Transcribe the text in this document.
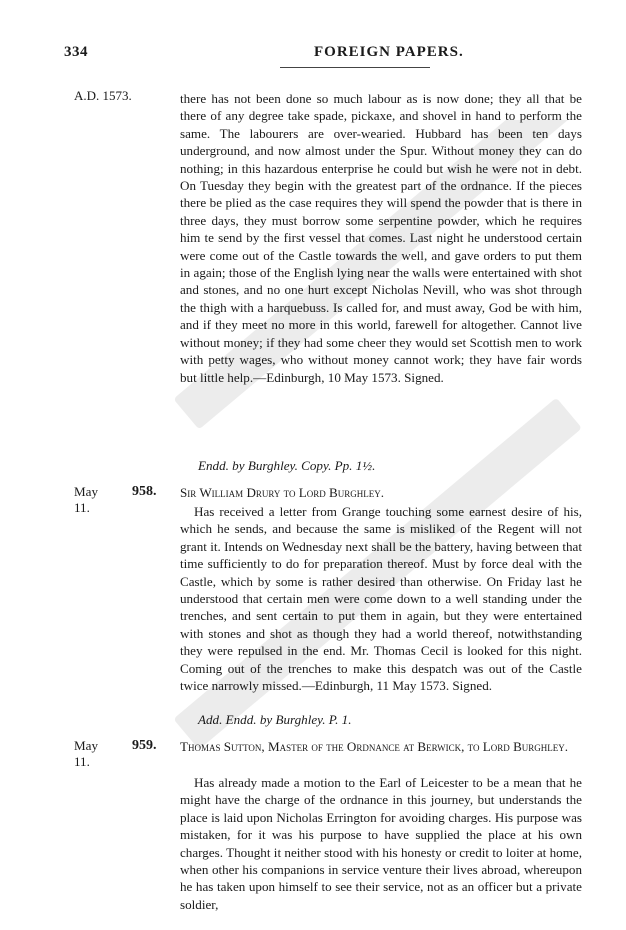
334	FOREIGN PAPERS.
A.D. 1573.	there has not been done so much labour as is now done; they all that be there of any degree take spade, pickaxe, and shovel in hand to perform the same. The labourers are over-wearied. Hubbard has been ten days underground, and now almost under the Spur. Without money they can do nothing; in this hazardous enterprise he could but wish he were not in debt. On Tuesday they begin with the greatest part of the ordnance. If the pieces there be plied as the case requires they will spend the powder that is there in three days, they must borrow some serpentine powder, which he requires him te send by the first vessel that comes. Last night he understood certain were come out of the Castle towards the well, and gave orders to put them in again; those of the English lying near the walls were entertained with shot and stones, and no one hurt except Nicholas Nevill, who was shot through the thigh with a harquebuss. Is called for, and must away, God be with him, and if they meet no more in this world, farewell for altogether. Cannot live without money; if they had some cheer they would set Scottish men to work with petty wages, who without money cannot work; they have fair words but little help.—Edinburgh, 10 May 1573. Signed.
Endd. by Burghley. Copy. Pp. 1½.
May 11.
958. Sir William Drury to Lord Burghley.
Has received a letter from Grange touching some earnest desire of his, which he sends, and because the same is misliked of the Regent will not grant it. Intends on Wednesday next shall be the battery, having between that time sufficiently to do for preparation thereof. Must by force deal with the Castle, which by some is rather desired than otherwise. On Friday last he understood that certain men were come down to a well standing under the trenches, and sent certain to put them in again, but they were entertained with stones and shot as though they had a world thereof, notwithstanding they were repulsed in the end. Mr. Thomas Cecil is looked for this night. Coming out of the trenches to make this despatch was out of the Castle twice narrowly missed.—Edinburgh, 11 May 1573. Signed.
Add. Endd. by Burghley. P. 1.
May 11.
959. Thomas Sutton, Master of the Ordnance at Berwick, to Lord Burghley.
Has already made a motion to the Earl of Leicester to be a mean that he might have the charge of the ordnance in this journey, but understands the place is laid upon Nicholas Errington for avoiding charges. His purpose was mistaken, for it was his purpose to have supplied the place at his own charges. Thought it neither stood with his honesty or credit to loiter at home, when other his companions in service venture their lives abroad, whereupon he has taken upon himself to see their service, not as an officer but a private soldier,
